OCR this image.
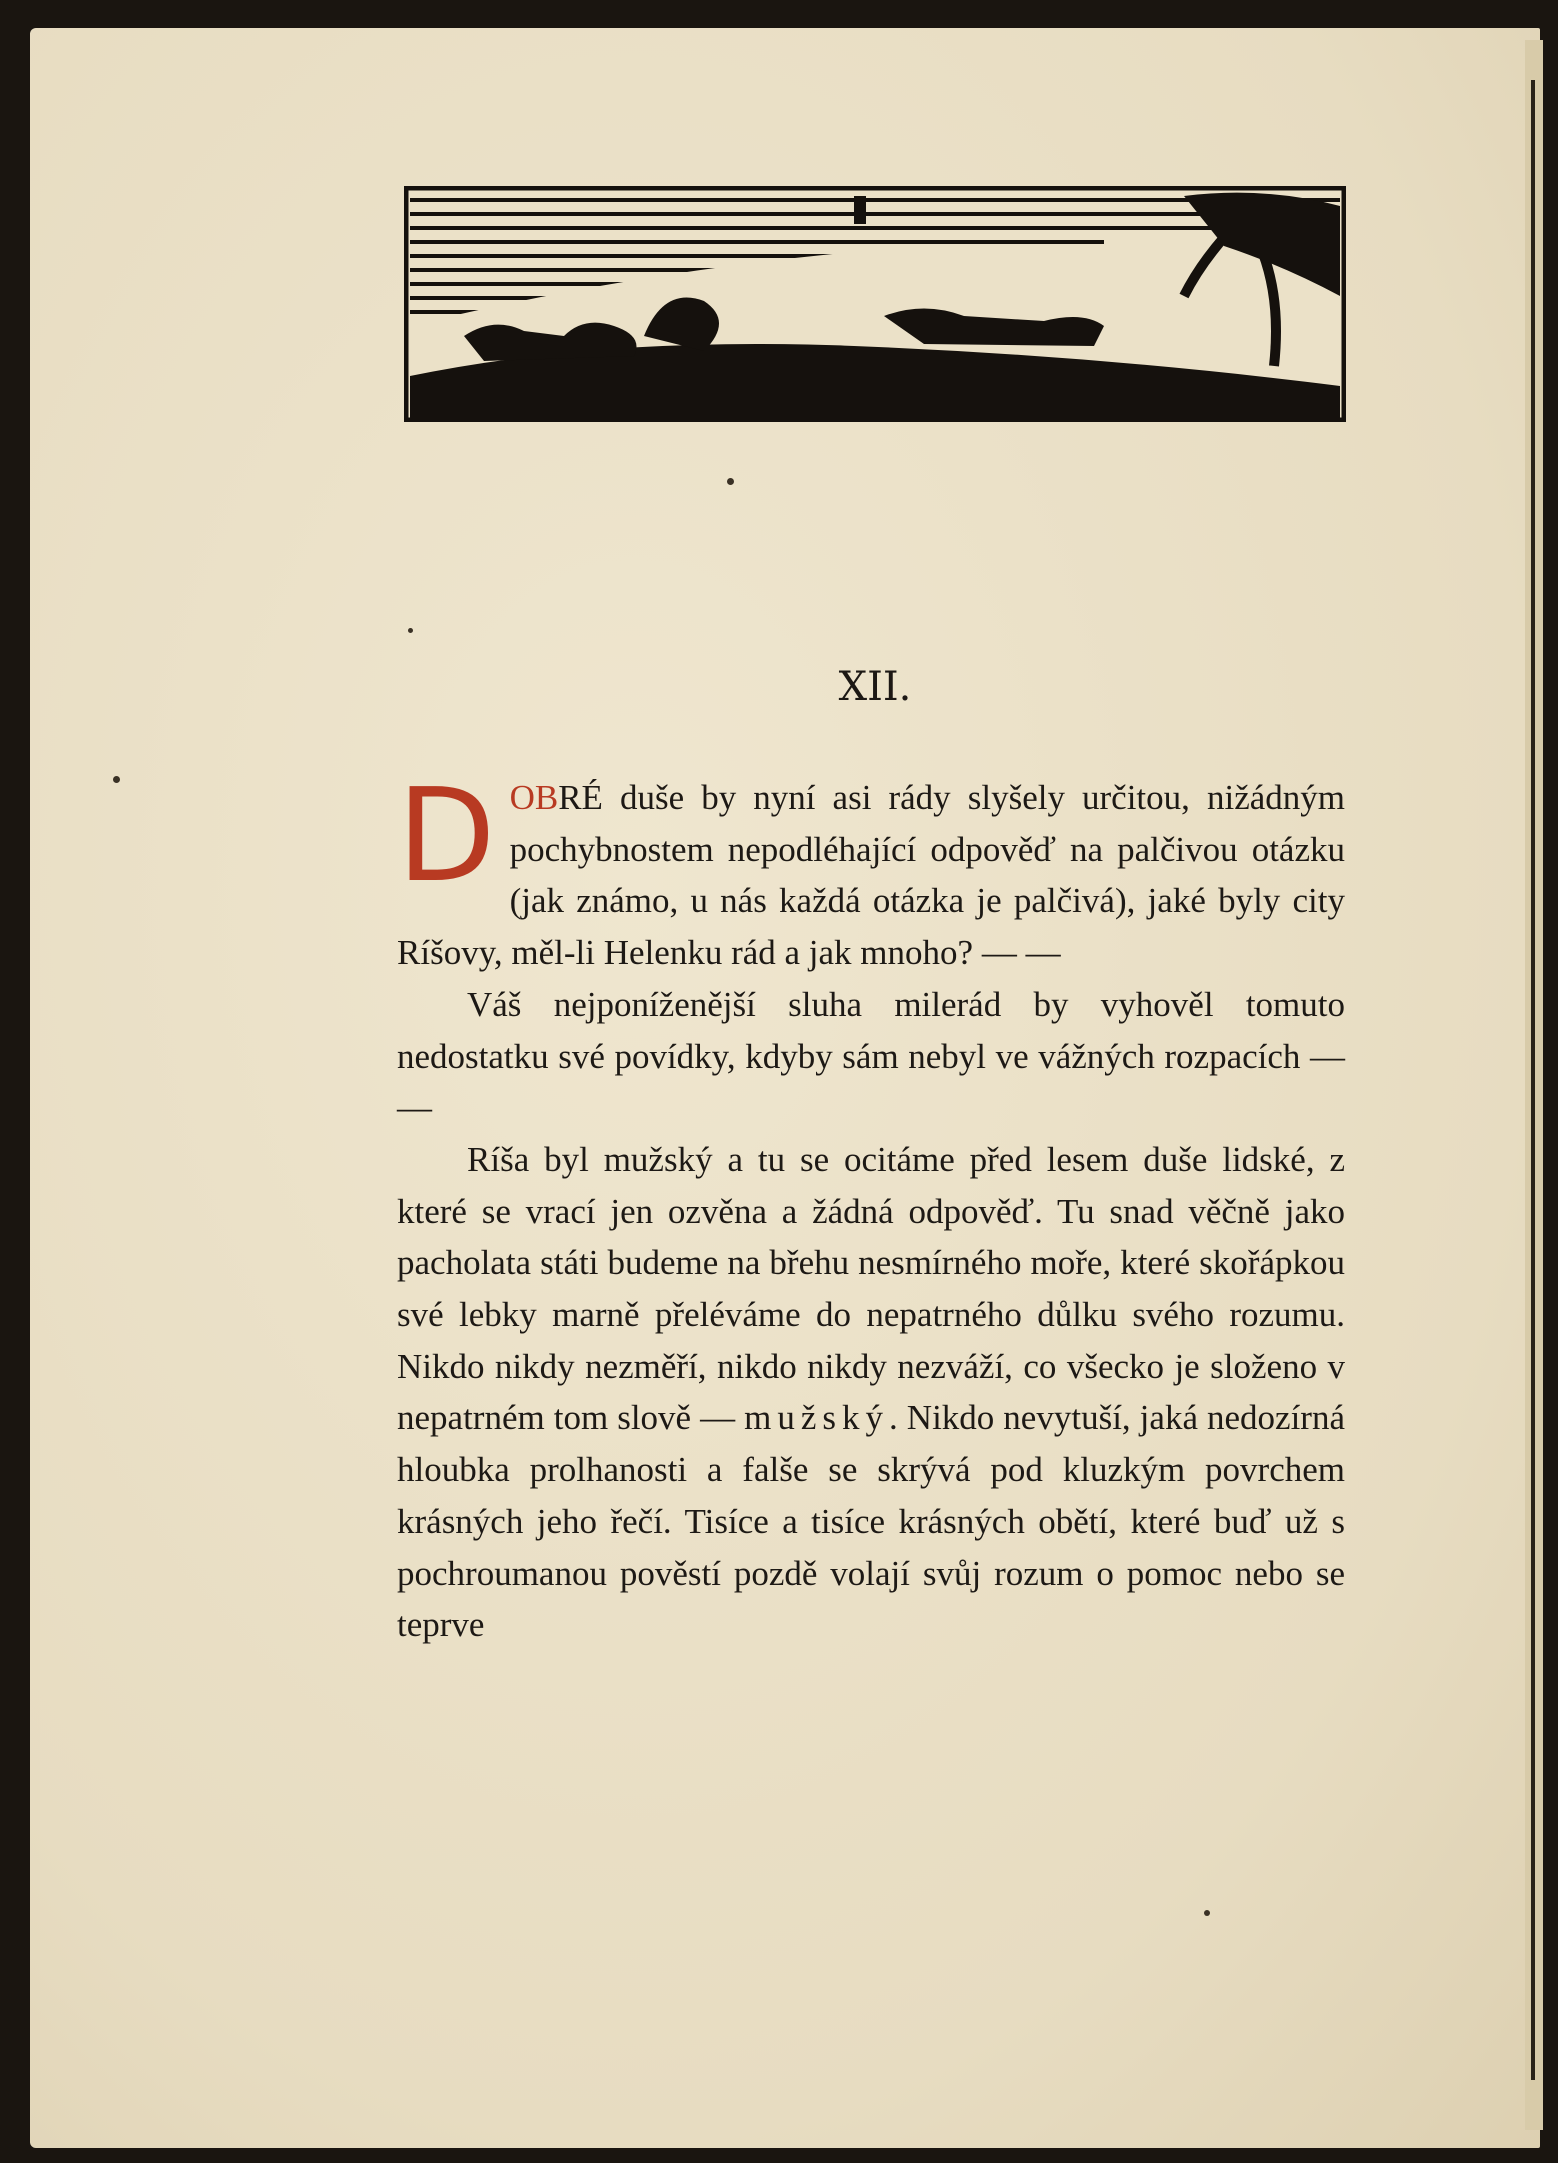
XII.

DOBRÉ duše by nyní asi rády slyšely určitou, nižádným pochybnostem nepodléhající odpověď na palčivou otázku (jak známo, u nás každá otázka je palčivá), jaké byly city Ríšovy, měl-li Helenku rád a jak mnoho? — —

Váš nejponíženější sluha milerád by vyhověl tomuto nedostatku své povídky, kdyby sám nebyl ve vážných rozpacích — —

Ríša byl mužský a tu se ocitáme před lesem duše lidské, z které se vrací jen ozvěna a žádná odpověď. Tu snad věčně jako pacholata státi budeme na břehu nesmírného moře, které skořápkou své lebky marně přeléváme do nepatrného důlku svého rozumu. Nikdo nikdy nezměří, nikdo nikdy nezváží, co všecko je složeno v nepatrném tom slově — mužský. Nikdo nevytuší, jaká nedozírná hloubka prolhanosti a falše se skrývá pod kluzkým povrchem krásných jeho řečí. Tisíce a tisíce krásných obětí, které buď už s pochroumanou pověstí pozdě volají svůj rozum o pomoc nebo se teprve
